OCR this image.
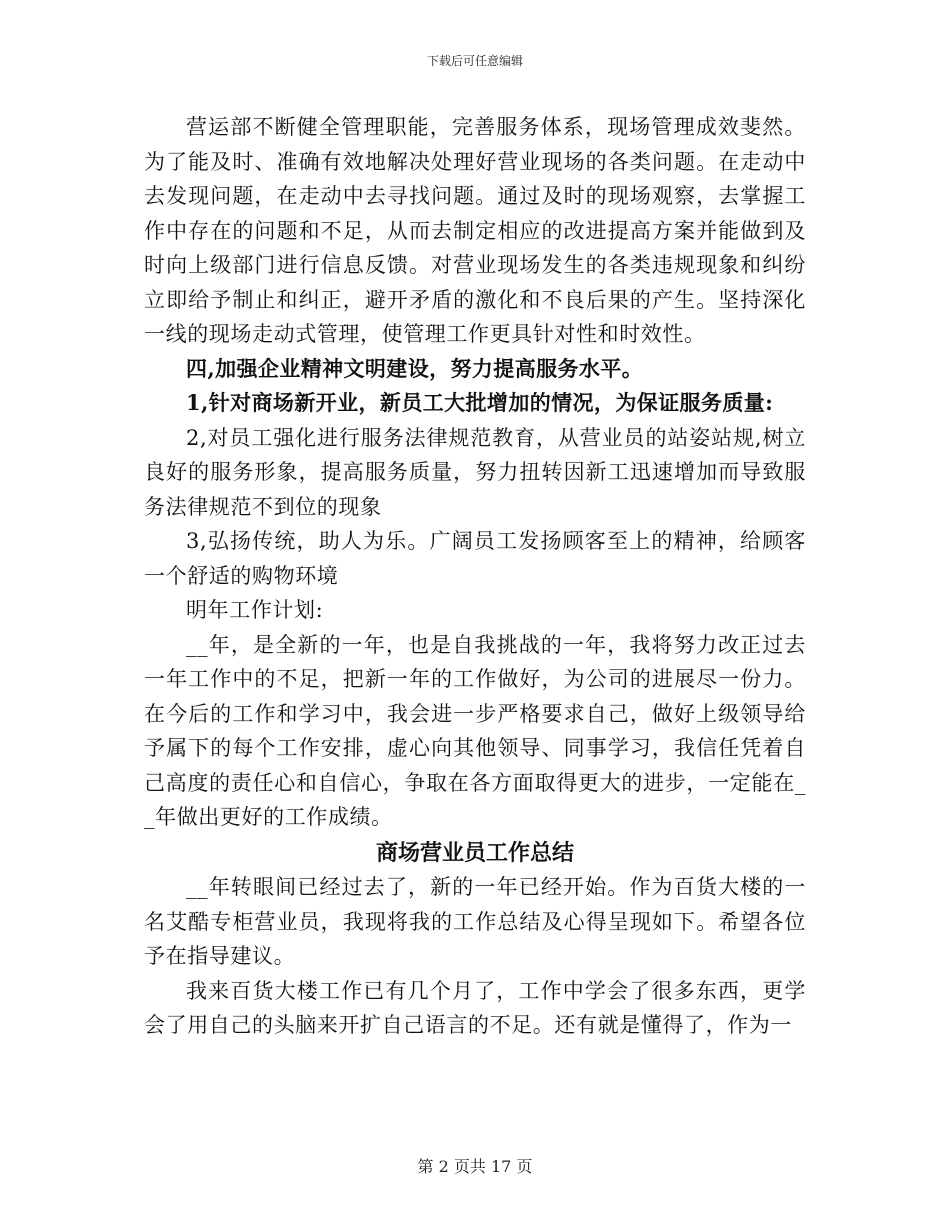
下载后可任意编辑

营运部不断健全管理职能，完善服务体系，现场管理成效斐然。为了能及时、准确有效地解决处理好营业现场的各类问题。在走动中去发现问题，在走动中去寻找问题。通过及时的现场观察，去掌握工作中存在的问题和不足，从而去制定相应的改进提高方案并能做到及时向上级部门进行信息反馈。对营业现场发生的各类违规现象和纠纷立即给予制止和纠正，避开矛盾的激化和不良后果的产生。坚持深化一线的现场走动式管理，使管理工作更具针对性和时效性。

四,加强企业精神文明建设，努力提高服务水平。

1,针对商场新开业，新员工大批增加的情况，为保证服务质量:

2,对员工强化进行服务法律规范教育，从营业员的站姿站规,树立良好的服务形象，提高服务质量，努力扭转因新工迅速增加而导致服务法律规范不到位的现象

3,弘扬传统，助人为乐。广阔员工发扬顾客至上的精神，给顾客一个舒适的购物环境

明年工作计划:

__年，是全新的一年，也是自我挑战的一年，我将努力改正过去一年工作中的不足，把新一年的工作做好，为公司的进展尽一份力。在今后的工作和学习中，我会进一步严格要求自己，做好上级领导给予属下的每个工作安排，虚心向其他领导、同事学习，我信任凭着自己高度的责任心和自信心，争取在各方面取得更大的进步，一定能在__年做出更好的工作成绩。

商场营业员工作总结

__年转眼间已经过去了，新的一年已经开始。作为百货大楼的一名艾酷专柜营业员，我现将我的工作总结及心得呈现如下。希望各位予在指导建议。

我来百货大楼工作已有几个月了，工作中学会了很多东西，更学会了用自己的头脑来开扩自己语言的不足。还有就是懂得了，作为一

第 2 页共 17 页
